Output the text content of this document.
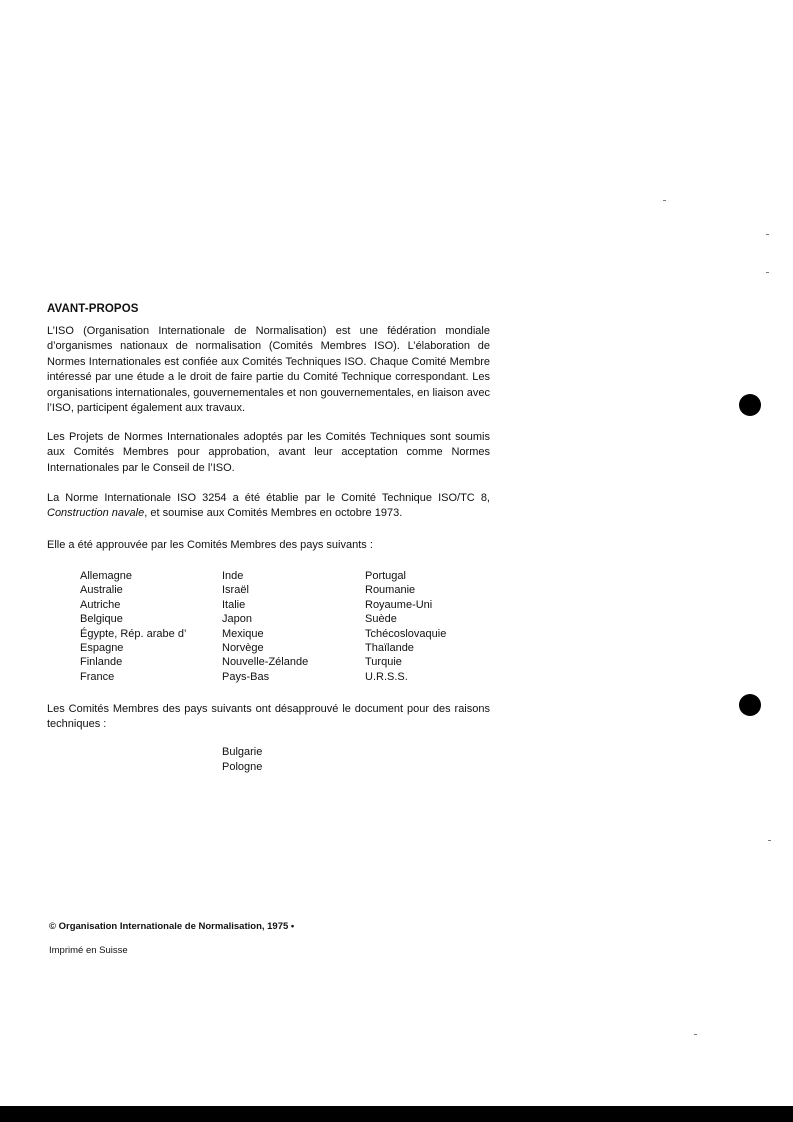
AVANT-PROPOS
L’ISO (Organisation Internationale de Normalisation) est une fédération mondiale d’organismes nationaux de normalisation (Comités Membres ISO). L’élaboration de Normes Internationales est confiée aux Comités Techniques ISO. Chaque Comité Membre intéressé par une étude a le droit de faire partie du Comité Technique correspondant. Les organisations internationales, gouvernementales et non gouvernementales, en liaison avec l’ISO, participent également aux travaux.
Les Projets de Normes Internationales adoptés par les Comités Techniques sont soumis aux Comités Membres pour approbation, avant leur acceptation comme Normes Internationales par le Conseil de l’ISO.
La Norme Internationale ISO 3254 a été établie par le Comité Technique ISO/TC 8, Construction navale, et soumise aux Comités Membres en octobre 1973.
Elle a été approuvée par les Comités Membres des pays suivants :
Allemagne
Australie
Autriche
Belgique
Égypte, Rép. arabe d’
Espagne
Finlande
France
Inde
Israël
Italie
Japon
Mexique
Norvège
Nouvelle-Zélande
Pays-Bas
Portugal
Roumanie
Royaume-Uni
Suède
Tchécoslovaquie
Thaïlande
Turquie
U.R.S.S.
Les Comités Membres des pays suivants ont désapprouvé le document pour des raisons techniques :
Bulgarie
Pologne
© Organisation Internationale de Normalisation, 1975 •
Imprimé en Suisse
